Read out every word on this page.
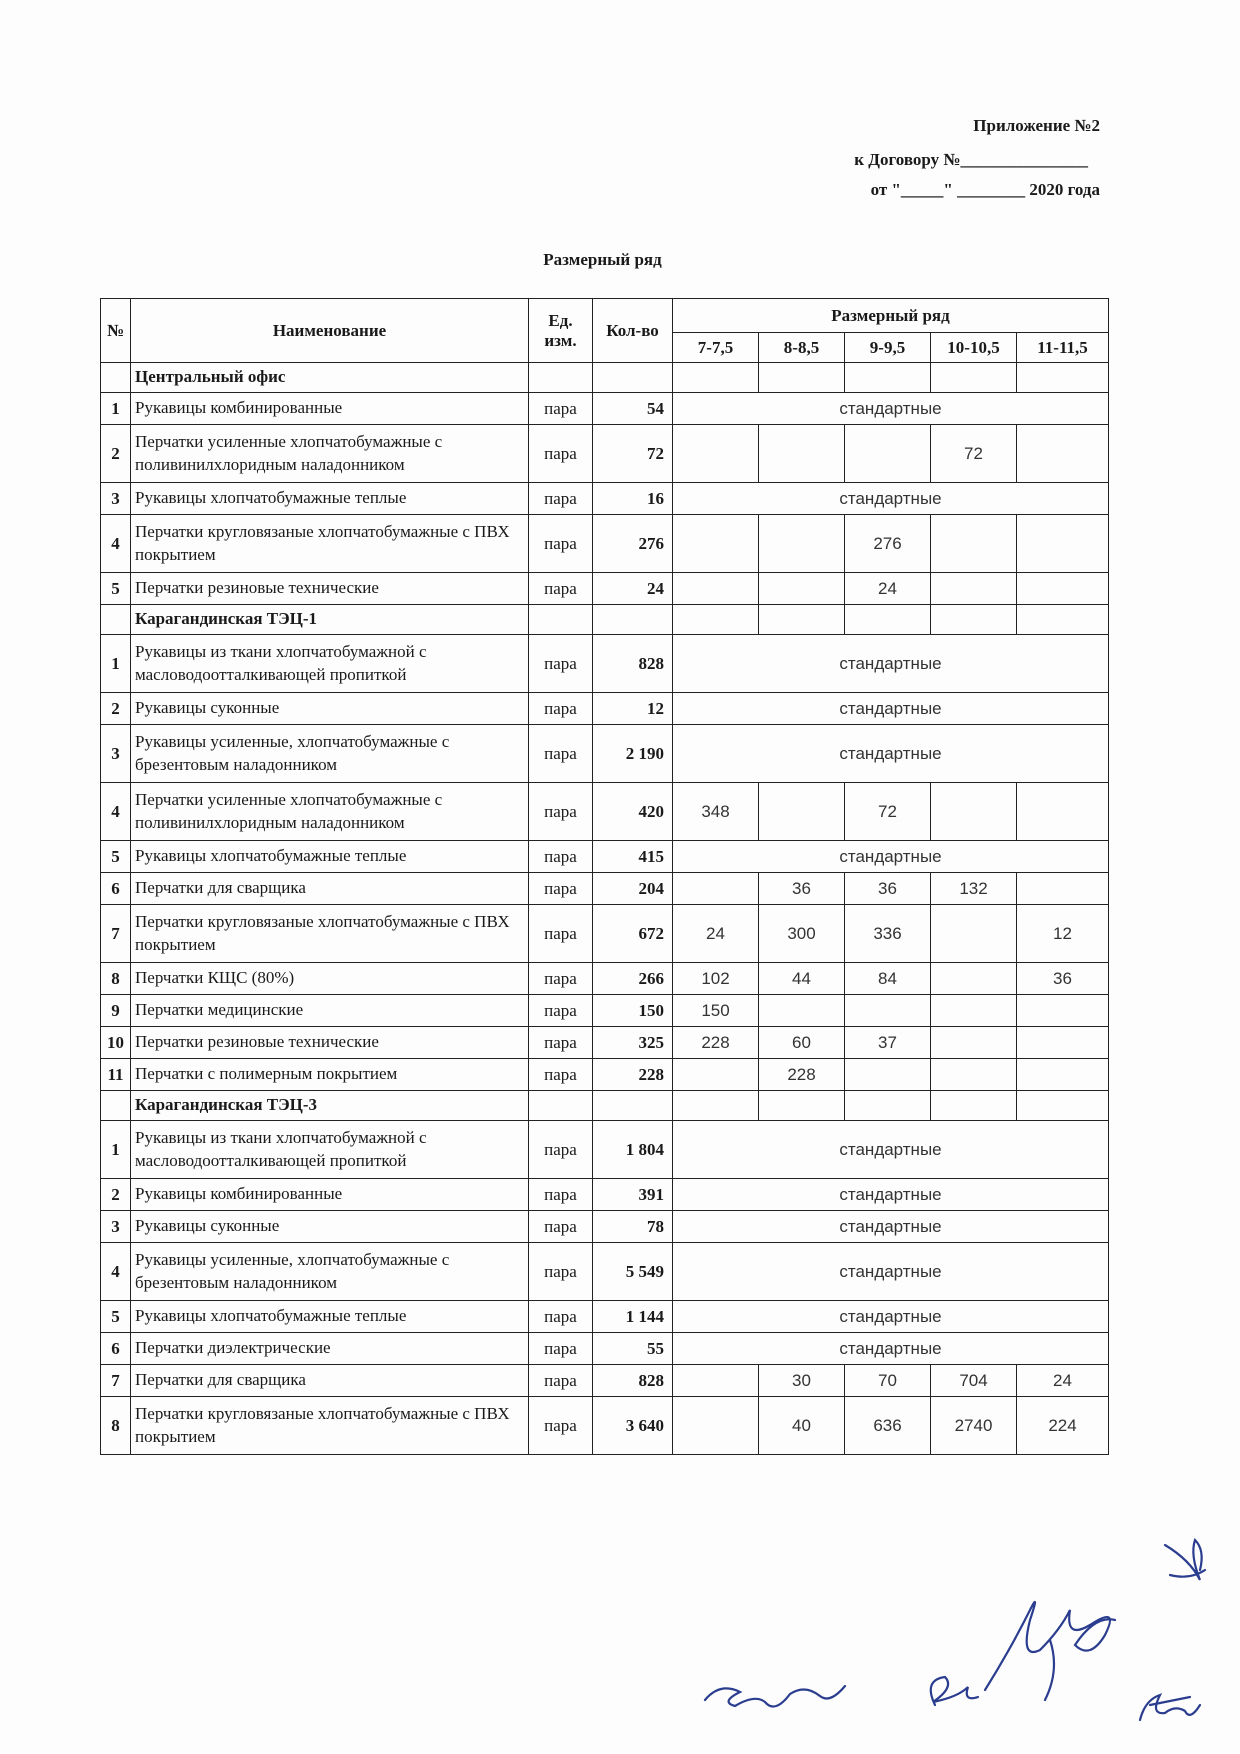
Приложение №2
к Договору №_______________
от "_____" ________ 2020 года
Размерный ряд
№	Наименование	Ед. изм.	Кол-во	Размерный ряд				
				7-7,5	8-8,5	9-9,5	10-10,5	11-11,5
	Центральный офис							
1	Рукавицы комбинированные	пара	54	стандартные				
2	Перчатки усиленные хлопчатобумажные с поливинилхлоридным наладонником	пара	72				72	
3	Рукавицы хлопчатобумажные теплые	пара	16	стандартные				
4	Перчатки кругловязаные хлопчатобумажные с ПВХ покрытием	пара	276			276		
5	Перчатки резиновые технические	пара	24			24		
	Карагандинская ТЭЦ-1							
1	Рукавицы из ткани хлопчатобумажной с масловодоотталкивающей пропиткой	пара	828	стандартные				
2	Рукавицы суконные	пара	12	стандартные				
3	Рукавицы усиленные, хлопчатобумажные с брезентовым наладонником	пара	2 190	стандартные				
4	Перчатки усиленные хлопчатобумажные с поливинилхлоридным наладонником	пара	420	348		72		
5	Рукавицы хлопчатобумажные теплые	пара	415	стандартные				
6	Перчатки для сварщика	пара	204		36	36	132	
7	Перчатки кругловязаные хлопчатобумажные с ПВХ покрытием	пара	672	24	300	336		12
8	Перчатки КЩС (80%)	пара	266	102	44	84		36
9	Перчатки медицинские	пара	150	150				
10	Перчатки резиновые технические	пара	325	228	60	37		
11	Перчатки с полимерным покрытием	пара	228		228			
	Карагандинская ТЭЦ-3							
1	Рукавицы из ткани хлопчатобумажной с масловодоотталкивающей пропиткой	пара	1 804	стандартные				
2	Рукавицы комбинированные	пара	391	стандартные				
3	Рукавицы суконные	пара	78	стандартные				
4	Рукавицы усиленные, хлопчатобумажные с брезентовым наладонником	пара	5 549	стандартные				
5	Рукавицы хлопчатобумажные теплые	пара	1 144	стандартные				
6	Перчатки диэлектрические	пара	55	стандартные				
7	Перчатки для сварщика	пара	828		30	70	704	24
8	Перчатки кругловязаные хлопчатобумажные с ПВХ покрытием	пара	3 640		40	636	2740	224
